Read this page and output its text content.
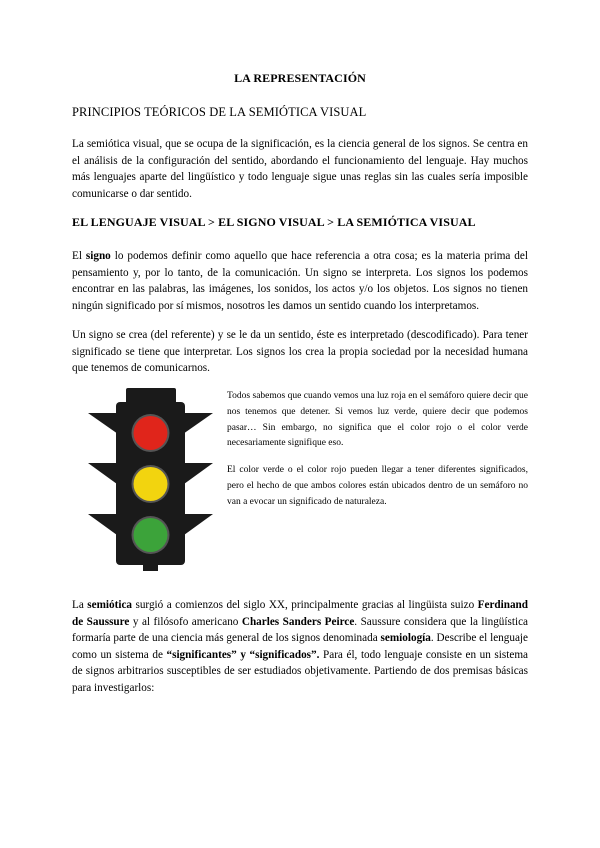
LA REPRESENTACIÓN
PRINCIPIOS TEÓRICOS DE LA SEMIÓTICA VISUAL
La semiótica visual, que se ocupa de la significación, es la ciencia general de los signos. Se centra en el análisis de la configuración del sentido, abordando el funcionamiento del lenguaje. Hay muchos más lenguajes aparte del lingüístico y todo lenguaje sigue unas reglas sin las cuales sería imposible comunicarse o dar sentido.
EL LENGUAJE VISUAL > EL SIGNO VISUAL > LA SEMIÓTICA VISUAL
El signo lo podemos definir como aquello que hace referencia a otra cosa; es la materia prima del pensamiento y, por lo tanto, de la comunicación. Un signo se interpreta. Los signos los podemos encontrar en las palabras, las imágenes, los sonidos, los actos y/o los objetos. Los signos no tienen ningún significado por sí mismos, nosotros les damos un sentido cuando los interpretamos.
Un signo se crea (del referente) y se le da un sentido, éste es interpretado (descodificado). Para tener significado se tiene que interpretar. Los signos los crea la propia sociedad por la necesidad humana que tenemos de comunicarnos.
Todos sabemos que cuando vemos una luz roja en el semáforo quiere decir que nos tenemos que detener. Si vemos luz verde, quiere decir que podemos pasar… Sin embargo, no significa que el color rojo o el color verde necesariamente signifique eso.
El color verde o el color rojo pueden llegar a tener diferentes significados, pero el hecho de que ambos colores están ubicados dentro de un semáforo no van a evocar un significado de naturaleza.
La semiótica surgió a comienzos del siglo XX, principalmente gracias al lingüista suizo Ferdinand de Saussure y al filósofo americano Charles Sanders Peirce. Saussure considera que la lingüística formaría parte de una ciencia más general de los signos denominada semiología. Describe el lenguaje como un sistema de “significantes” y “significados”. Para él, todo lenguaje consiste en un sistema de signos arbitrarios susceptibles de ser estudiados objetivamente. Partiendo de dos premisas básicas para investigarlos:
